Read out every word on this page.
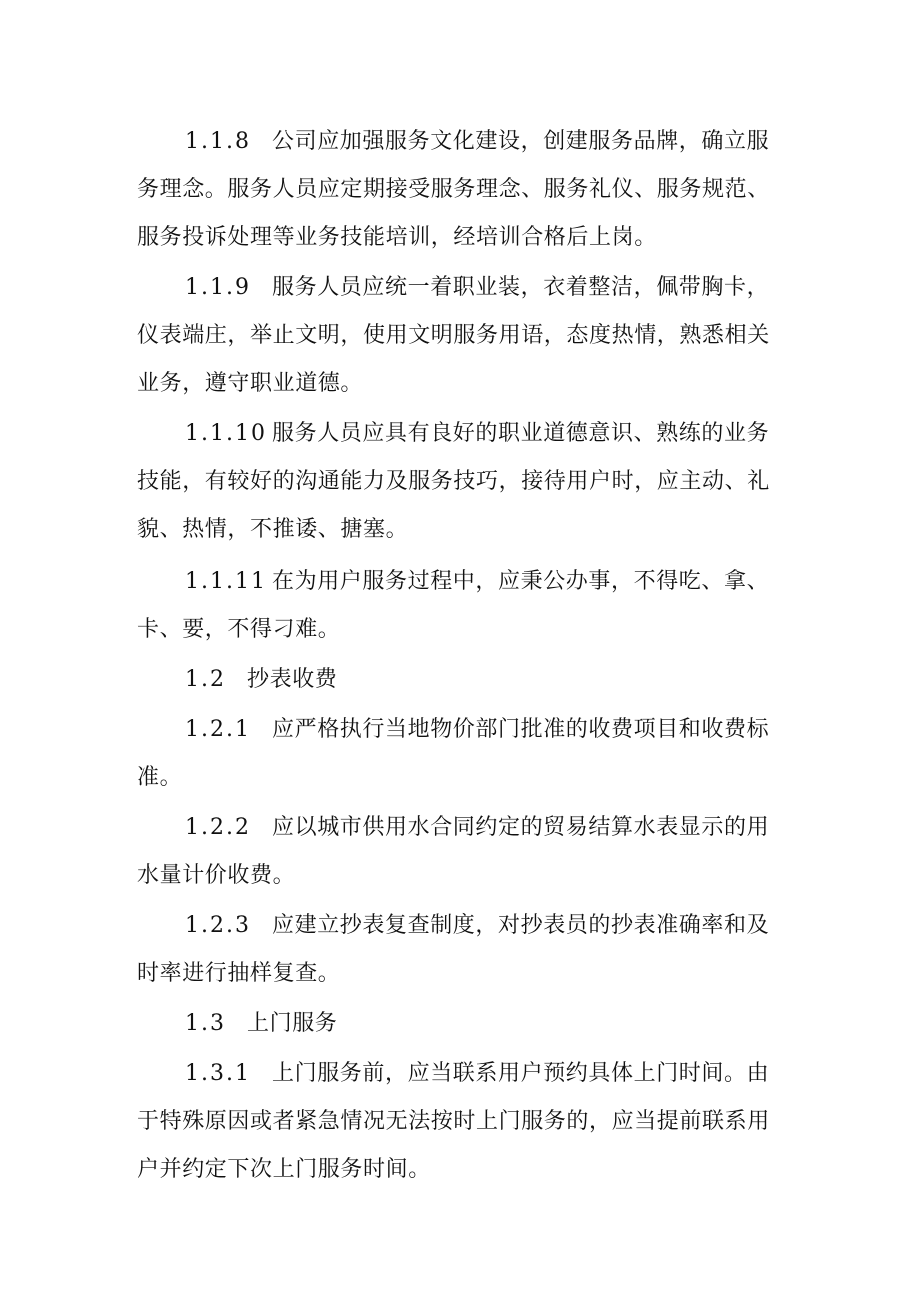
1.1.8 公司应加强服务文化建设，创建服务品牌，确立服
务理念。服务人员应定期接受服务理念、服务礼仪、服务规范、
服务投诉处理等业务技能培训，经培训合格后上岗。
1.1.9 服务人员应统一着职业装，衣着整洁，佩带胸卡，
仪表端庄，举止文明，使用文明服务用语，态度热情，熟悉相关
业务，遵守职业道德。
1.1.10 服务人员应具有良好的职业道德意识、熟练的业务
技能，有较好的沟通能力及服务技巧，接待用户时，应主动、礼
貌、热情，不推诿、搪塞。
1.1.11 在为用户服务过程中，应秉公办事，不得吃、拿、
卡、要，不得刁难。
1.2 抄表收费
1.2.1 应严格执行当地物价部门批准的收费项目和收费标
准。
1.2.2 应以城市供用水合同约定的贸易结算水表显示的用
水量计价收费。
1.2.3 应建立抄表复查制度，对抄表员的抄表准确率和及
时率进行抽样复查。
1.3 上门服务
1.3.1 上门服务前，应当联系用户预约具体上门时间。由
于特殊原因或者紧急情况无法按时上门服务的，应当提前联系用
户并约定下次上门服务时间。
